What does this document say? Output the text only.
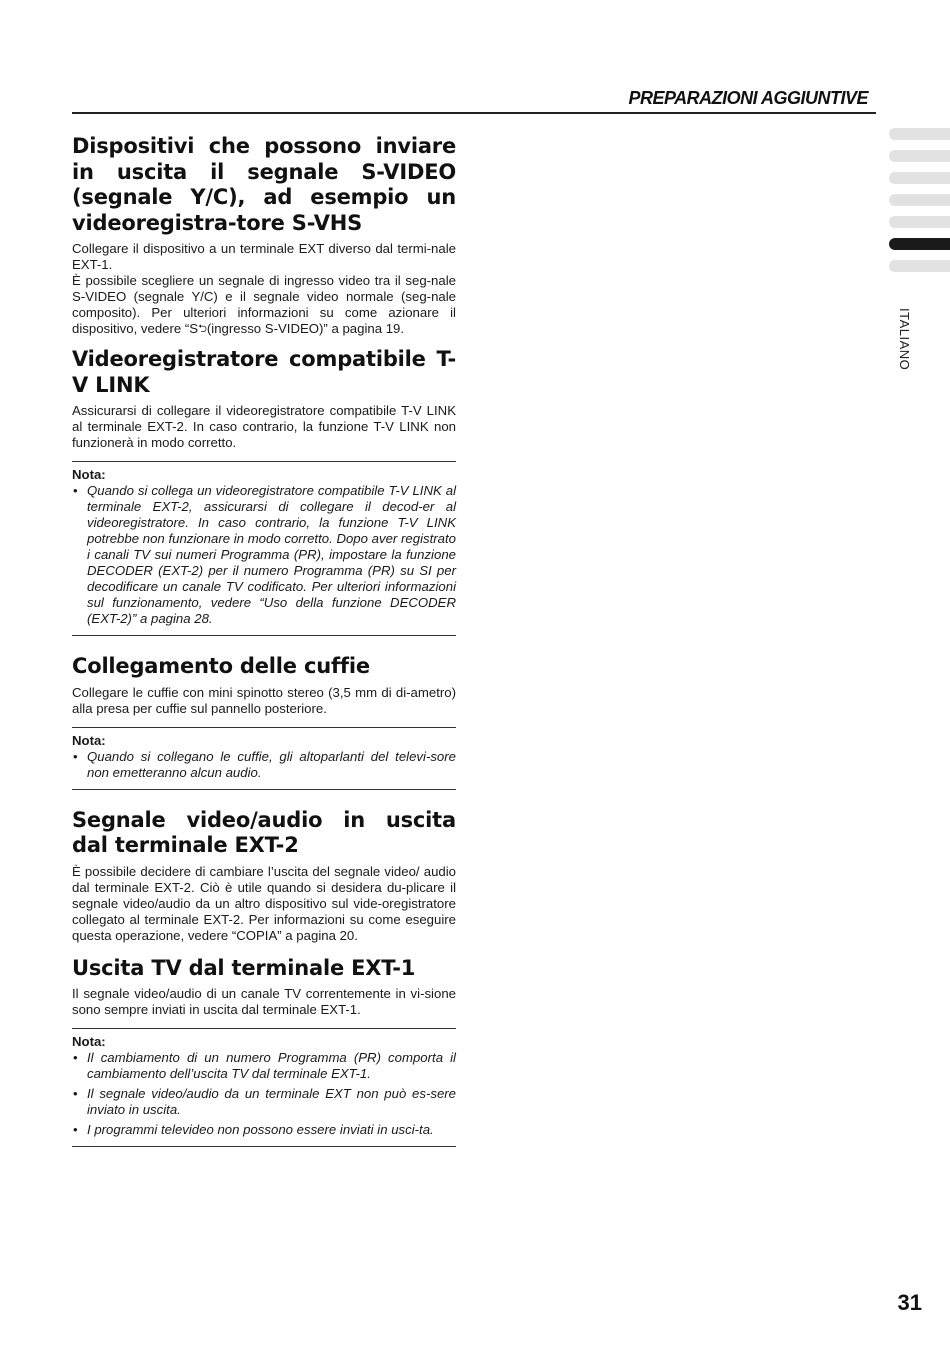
PREPARAZIONI AGGIUNTIVE
ITALIANO
Dispositivi che possono inviare in uscita il segnale S-VIDEO (segnale Y/C), ad esempio un videoregistra-tore S-VHS

Collegare il dispositivo a un terminale EXT diverso dal termi-nale EXT-1.

È possibile scegliere un segnale di ingresso video tra il seg-nale S-VIDEO (segnale Y/C) e il segnale video normale (seg-nale composito). Per ulteriori informazioni su come azionare il dispositivo, vedere “S⮌(ingresso S-VIDEO)” a pagina 19.

Videoregistratore compatibile T-V LINK

Assicurarsi di collegare il videoregistratore compatibile T-V LINK al terminale EXT-2. In caso contrario, la funzione T-V LINK non funzionerà in modo corretto.

Nota:

• Quando si collega un videoregistratore compatibile T-V LINK al terminale EXT-2, assicurarsi di collegare il decod-er al videoregistratore. In caso contrario, la funzione T-V LINK potrebbe non funzionare in modo corretto. Dopo aver registrato i canali TV sui numeri Programma (PR), impostare la funzione DECODER (EXT-2) per il numero Programma (PR) su SI per decodificare un canale TV codificato. Per ulteriori informazioni sul funzionamento, vedere “Uso della funzione DECODER (EXT-2)” a pagina 28.
Collegamento delle cuffie

Collegare le cuffie con mini spinotto stereo (3,5 mm di di-ametro) alla presa per cuffie sul pannello posteriore.

Nota:

• Quando si collegano le cuffie, gli altoparlanti del televi-sore non emetteranno alcun audio.
Segnale video/audio in uscita dal terminale EXT-2

È possibile decidere di cambiare l’uscita del segnale video/ audio dal terminale EXT-2. Ciò è utile quando si desidera du-plicare il segnale video/audio da un altro dispositivo sul vide-oregistratore collegato al terminale EXT-2. Per informazioni su come eseguire questa operazione, vedere “COPIA” a pagina 20.

Uscita TV dal terminale EXT-1

Il segnale video/audio di un canale TV correntemente in vi-sione sono sempre inviati in uscita dal terminale EXT-1.

Nota:

• Il cambiamento di un numero Programma (PR) comporta il cambiamento dell’uscita TV dal terminale EXT-1.
• Il segnale video/audio da un terminale EXT non può es-sere inviato in uscita.
• I programmi televideo non possono essere inviati in usci-ta.
31
